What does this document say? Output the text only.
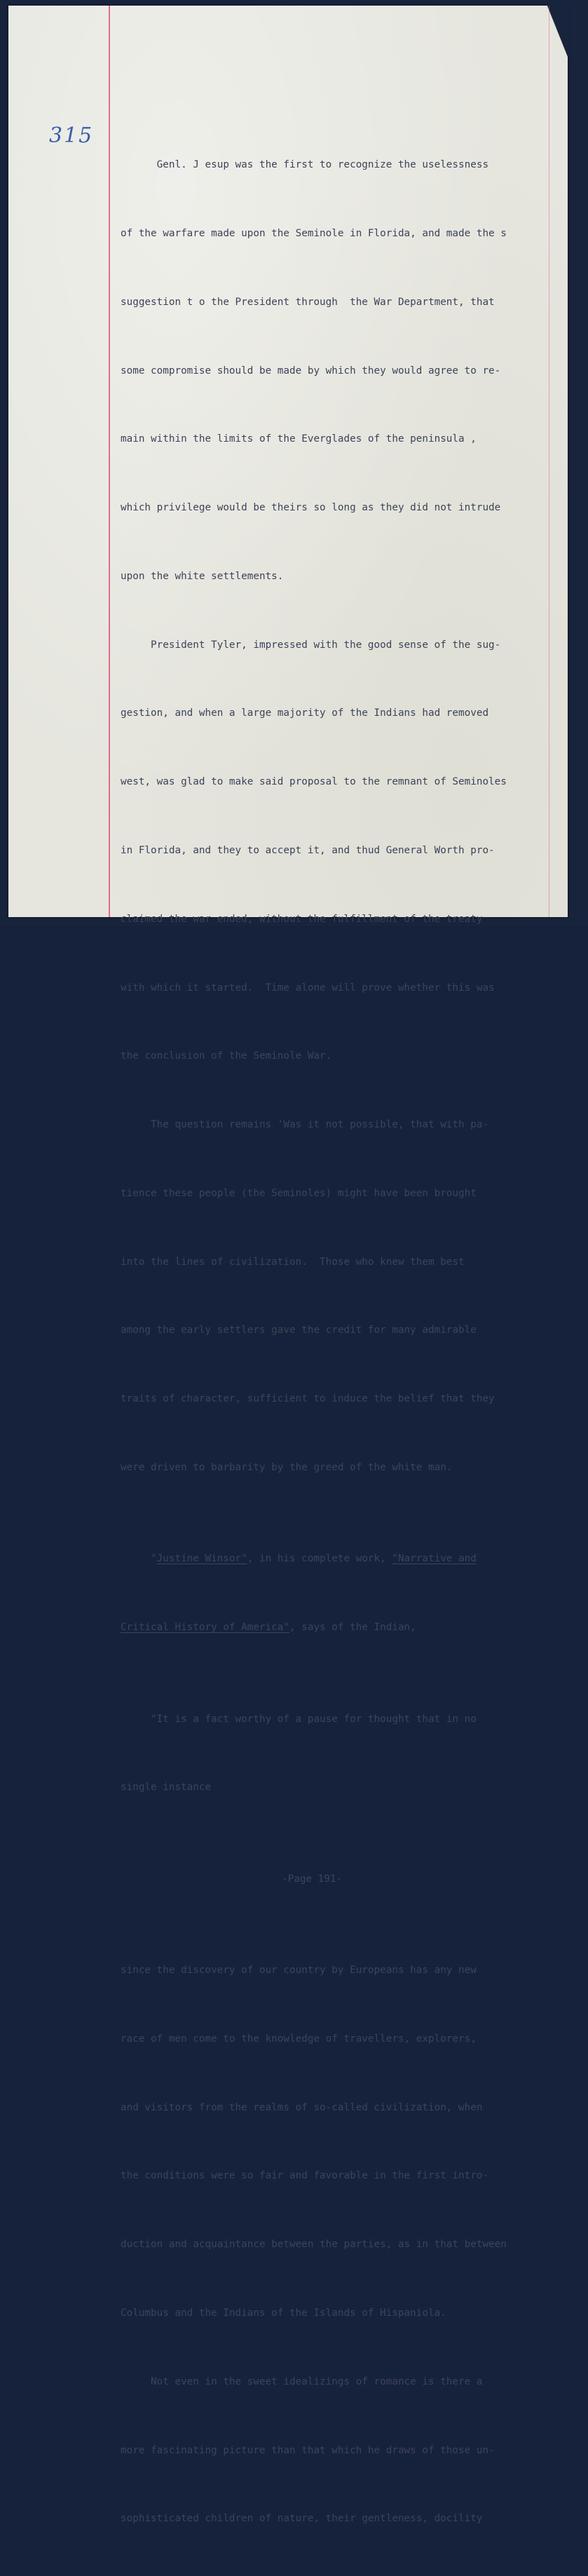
315

Genl. J esup was the first to recognize the uselessness

of the warfare made upon the Seminole in Florida, and made the s

suggestion t o the President through  the War Department, that

some compromise should be made by which they would agree to re-

main within the limits of the Everglades of the peninsula ,

which privilege would be theirs so long as they did not intrude

upon the white settlements.

President Tyler, impressed with the good sense of the sug-

gestion, and when a large majority of the Indians had removed

west, was glad to make said proposal to the remnant of Seminoles

in Florida, and they to accept it, and thud General Worth pro-

claimed the war ended, without the fulfillment of the treaty

with which it started.  Time alone will prove whether this was

the conclusion of the Seminole War.

The question remains 'Was it not possible, that with pa-

tience these people (the Seminoles) might have been brought

into the lines of civilization.  Those who knew them best

among the early settlers gave the credit for many admirable

traits of character, sufficient to induce the belief that they

were driven to barbarity by the greed of the white man.

"Justine Winsor", in his complete work, "Narrative and

Critical History of America", says of the Indian,

"It is a fact worthy of a pause for thought that in no

single instance

-Page 191-

since the discovery of our country by Europeans has any new

race of men come to the knowledge of travellers, explorers,

and visitors from the realms of so-called civilization, when

the conditions were so fair and favorable in the first intro-

duction and acquaintance between the parties, as in that between

Columbus and the Indians of the Islands of Hispaniola.

Not even in the sweet idealizings of romance is there a

more fascinating picture than that which he draws of those un-

sophisticated children of nature, their gentleness, docility
